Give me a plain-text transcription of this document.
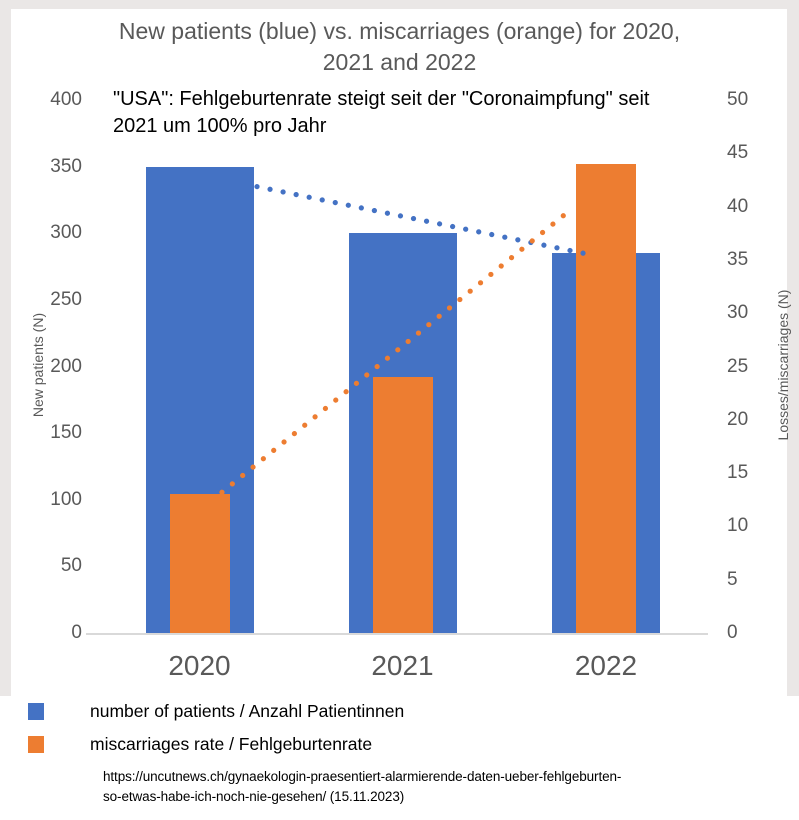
New patients (blue) vs. miscarriages (orange) for 2020,
2021 and 2022
"USA": Fehlgeburtenrate steigt seit der "Coronaimpfung" seit
2021 um 100% pro Jahr
New patients (N)	Losses/miscarriages (N)
400
350
300
250
200
150
100
50
0
50
45
40
35
30
25
20
15
10
5
0
2020	2021	2022
number of patients / Anzahl Patientinnen
miscarriages rate / Fehlgeburtenrate
https://uncutnews.ch/gynaekologin-praesentiert-alarmierende-daten-ueber-fehlgeburten-
so-etwas-habe-ich-noch-nie-gesehen/ (15.11.2023)
